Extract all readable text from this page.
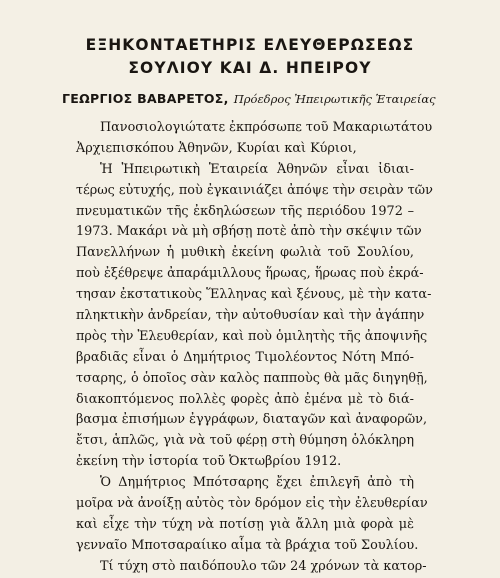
ΕΞΗΚΟΝΤΑΕΤΗΡΙΣ ΕΛΕΥΘΕΡΩΣΕΩΣ
ΣΟΥΛΙΟΥ ΚΑΙ Δ. ΗΠΕΙΡΟΥ
ΓΕΩΡΓΙΟΣ ΒΑΒΑΡΕΤΟΣ, Πρόεδρος Ἠπειρωτικῆς Ἑταιρείας
Πανοσιολογιώτατε ἐκπρόσωπε τοῦ Μακαριωτάτου
Ἀρχιεπισκόπου Ἀθηνῶν, Κυρίαι καὶ Κύριοι,
Ἡ Ἠπειρωτικὴ Ἑταιρεία Ἀθηνῶν εἶναι ἰδιαι-
τέρως εὐτυχής, ποὺ ἐγκαινιάζει ἀπόψε τὴν σειρὰν τῶν
πνευματικῶν τῆς ἐκδηλώσεων τῆς περιόδου 1972 –
1973. Μακάρι νὰ μὴ σβήσῃ ποτὲ ἀπὸ τὴν σκέψιν τῶν
Πανελλήνων ἡ μυθικὴ ἐκείνη φωλιὰ τοῦ Σουλίου,
ποὺ ἐξέθρεψε ἀπαράμιλλους ἥρωας, ἥρωας ποὺ ἐκρά-
τησαν ἐκστατικοὺς Ἕλληνας καὶ ξένους, μὲ τὴν κατα-
πληκτικὴν ἀνδρείαν, τὴν αὐτοθυσίαν καὶ τὴν ἀγάπην
πρὸς τὴν Ἐλευθερίαν, καὶ ποὺ ὁμιλητὴς τῆς ἀποψινῆς
βραδιᾶς εἶναι ὁ Δημήτριος Τιμολέοντος Νότη Μπό-
τσαρης, ὁ ὁποῖος σὰν καλὸς παπποὺς θὰ μᾶς διηγηθῇ,
διακοπτόμενος πολλὲς φορὲς ἀπὸ ἐμένα μὲ τὸ διά-
βασμα ἐπισήμων ἐγγράφων, διαταγῶν καὶ ἀναφορῶν,
ἔτσι, ἁπλῶς, γιὰ νὰ τοῦ φέρῃ στὴ θύμηση ὁλόκληρη
ἐκείνη τὴν ἱστορία τοῦ Ὀκτωβρίου 1912.
Ὁ Δημήτριος Μπότσαρης ἔχει ἐπιλεγῆ ἀπὸ τὴ
μοῖρα νὰ ἀνοίξῃ αὐτὸς τὸν δρόμον εἰς τὴν ἐλευθερίαν
καὶ εἶχε τὴν τύχη νὰ ποτίσῃ γιὰ ἄλλη μιὰ φορὰ μὲ
γενναῖο Μποτσαραίικο αἷμα τὰ βράχια τοῦ Σουλίου.
Τί τύχη στὸ παιδόπουλο τῶν 24 χρόνων τὰ κατορ-
